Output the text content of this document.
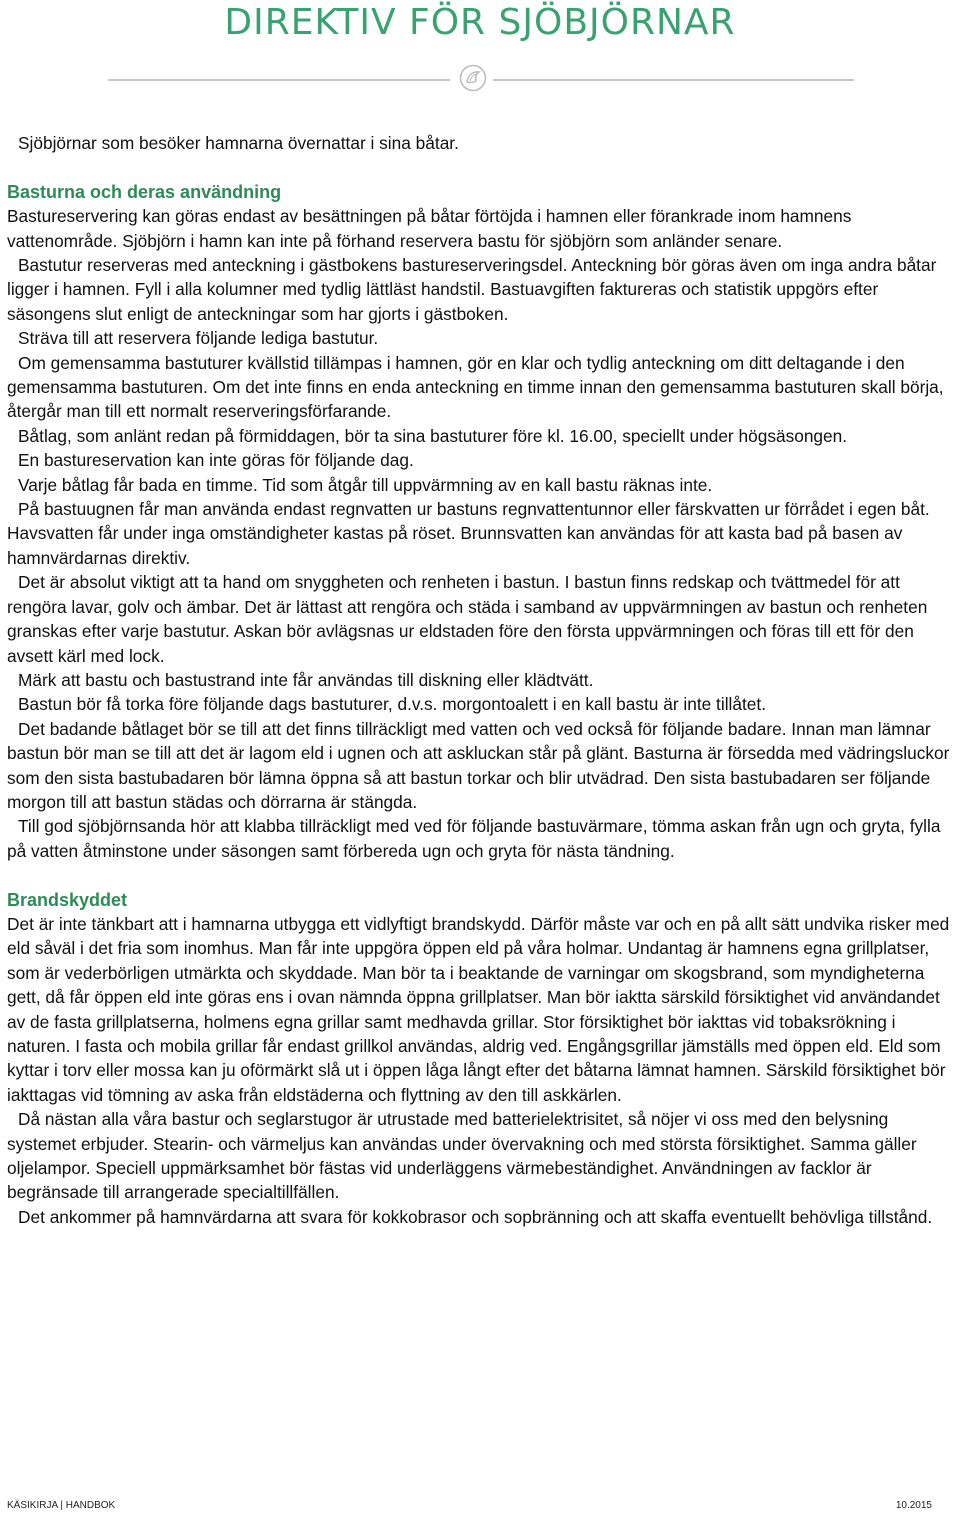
DIREKTIV FÖR SJÖBJÖRNAR
Sjöbjörnar som besöker hamnarna övernattar i sina båtar.
Basturna och deras användning
Bastureservering kan göras endast av besättningen på båtar förtöjda i hamnen eller förankrade inom hamnens vattenområde. Sjöbjörn i hamn kan inte på förhand reservera bastu för sjöbjörn som anländer senare.
Bastutur reserveras med anteckning i gästbokens bastureserveringsdel. Anteckning bör göras även om inga andra båtar ligger i hamnen. Fyll i alla kolumner med tydlig lättläst handstil. Bastuavgiften faktureras och statistik uppgörs efter säsongens slut enligt de anteckningar som har gjorts i gästboken.
Sträva till att reservera följande lediga bastutur.
Om gemensamma bastuturer kvällstid tillämpas i hamnen, gör en klar och tydlig anteckning om ditt deltagande i den gemensamma bastuturen. Om det inte finns en enda anteckning en timme innan den gemensamma bastuturen skall börja, återgår man till ett normalt reserveringsförfarande.
Båtlag, som anlänt redan på förmiddagen, bör ta sina bastuturer före kl. 16.00, speciellt under högsäsongen.
En bastureservation kan inte göras för följande dag.
Varje båtlag får bada en timme. Tid som åtgår till uppvärmning av en kall bastu räknas inte.
På bastuugnen får man använda endast regnvatten ur bastuns regnvattentunnor eller färskvatten ur förrådet i egen båt. Havsvatten får under inga omständigheter kastas på röset. Brunnsvatten kan användas för att kasta bad på basen av hamnvärdarnas direktiv.
Det är absolut viktigt att ta hand om snyggheten och renheten i bastun. I bastun finns redskap och tvättmedel för att rengöra lavar, golv och ämbar. Det är lättast att rengöra och städa i samband av uppvärmningen av bastun och renheten granskas efter varje bastutur. Askan bör avlägsnas ur eldstaden före den första uppvärmningen och föras till ett för den avsett kärl med lock.
Märk att bastu och bastustrand inte får användas till diskning eller klädtvätt.
Bastun bör få torka före följande dags bastuturer, d.v.s. morgontoalett i en kall bastu är inte tillåtet.
Det badande båtlaget bör se till att det finns tillräckligt med vatten och ved också för följande badare. Innan man lämnar bastun bör man se till att det är lagom eld i ugnen och att askluckan står på glänt. Basturna är försedda med vädringsluckor som den sista bastubadaren bör lämna öppna så att bastun torkar och blir utvädrad. Den sista bastubadaren ser följande morgon till att bastun städas och dörrarna är stängda.
Till god sjöbjörnsanda hör att klabba tillräckligt med ved för följande bastuvärmare, tömma askan från ugn och gryta, fylla på vatten åtminstone under säsongen samt förbereda ugn och gryta för nästa tändning.
Brandskyddet
Det är inte tänkbart att i hamnarna utbygga ett vidlyftigt brandskydd. Därför måste var och en på allt sätt undvika risker med eld såväl i det fria som inomhus. Man får inte uppgöra öppen eld på våra holmar. Undantag är hamnens egna grillplatser, som är vederbörligen utmärkta och skyddade. Man bör ta i beaktande de varningar om skogsbrand, som myndigheterna gett, då får öppen eld inte göras ens i ovan nämnda öppna grillplatser. Man bör iakttа särskild försiktighet vid användandet av de fasta grillplatserna, holmens egna grillar samt medhavda grillar. Stor försiktighet bör iakttas vid tobaksrökning i naturen. I fasta och mobila grillar får endast grillkol användas, aldrig ved. Engångsgrillar jämställs med öppen eld. Eld som kyttar i torv eller mossa kan ju oförmärkt slå ut i öppen låga långt efter det båtarna lämnat hamnen. Särskild försiktighet bör iakttagas vid tömning av aska från eldstäderna och flyttning av den till askkärlen.
Då nästan alla våra bastur och seglarstugor är utrustade med batterielektrisitet, så nöjer vi oss med den belysning systemet erbjuder. Stearin- och värmeljus kan användas under övervakning och med största försiktighet. Samma gäller oljelampor. Speciell uppmärksamhet bör fästas vid underläggens värmebeständighet. Användningen av facklor är begränsade till arrangerade specialtillfällen.
Det ankommer på hamnvärdarna att svara för kokkobrasor och sopbränning och att skaffa eventuellt behövliga tillstånd.
KÄSIKIRJA | HANDBOK	10.2015
